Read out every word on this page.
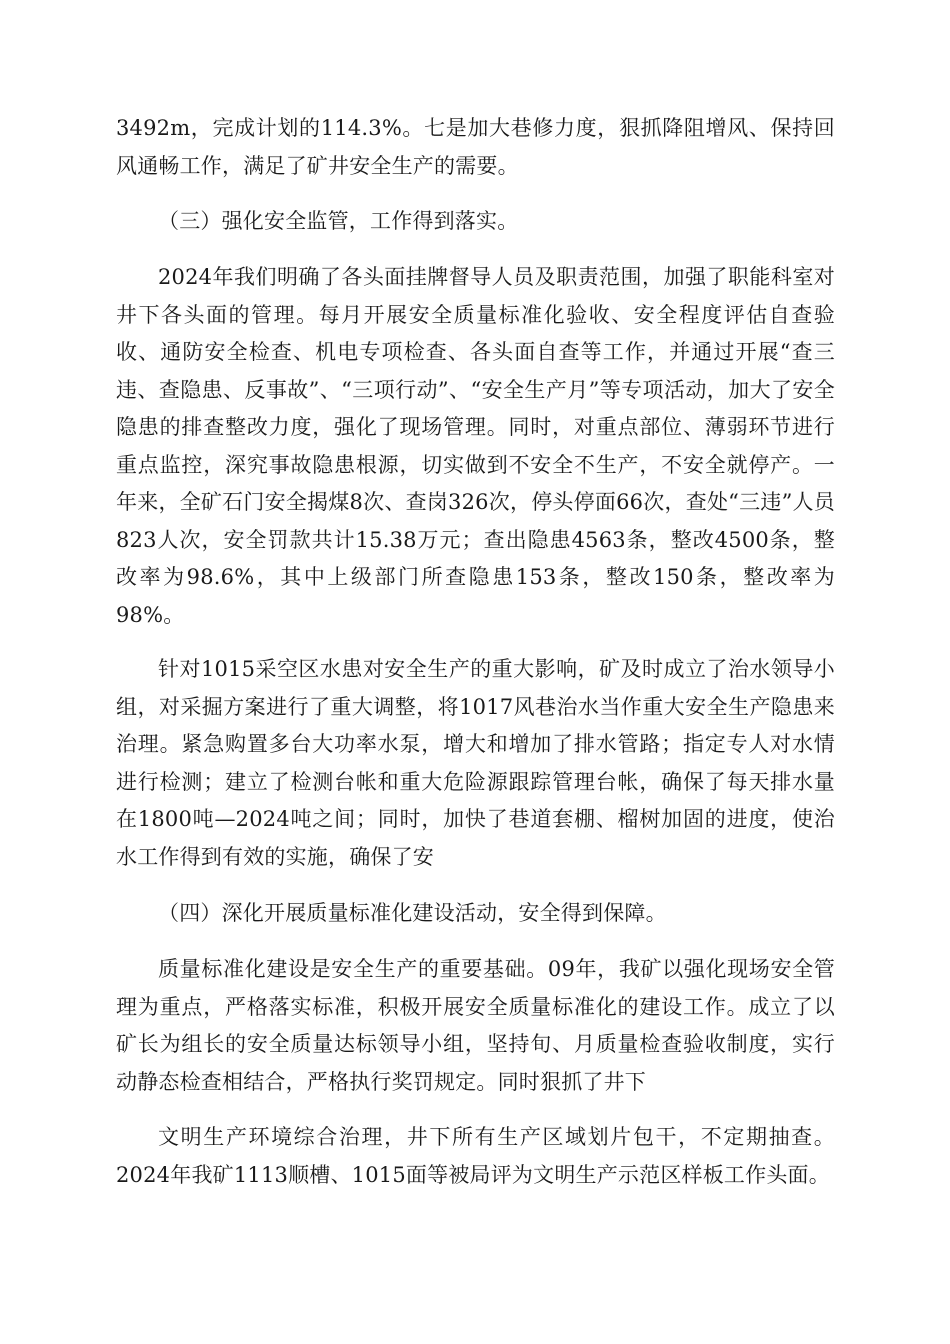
3492m，完成计划的114.3%。七是加大巷修力度，狠抓降阻增风、保持回风通畅工作，满足了矿井安全生产的需要。

（三）强化安全监管，工作得到落实。

2024年我们明确了各头面挂牌督导人员及职责范围，加强了职能科室对井下各头面的管理。每月开展安全质量标准化验收、安全程度评估自查验收、通防安全检查、机电专项检查、各头面自查等工作，并通过开展“查三违、查隐患、反事故”、“三项行动”、“安全生产月”等专项活动，加大了安全隐患的排查整改力度，强化了现场管理。同时，对重点部位、薄弱环节进行重点监控，深究事故隐患根源，切实做到不安全不生产，不安全就停产。一年来，全矿石门安全揭煤8次、查岗326次，停头停面66次，查处“三违”人员823人次，安全罚款共计15.38万元；查出隐患4563条，整改4500条，整改率为98.6%，其中上级部门所查隐患153条，整改150条，整改率为98%。

针对1015采空区水患对安全生产的重大影响，矿及时成立了治水领导小组，对采掘方案进行了重大调整，将1017风巷治水当作重大安全生产隐患来治理。紧急购置多台大功率水泵，增大和增加了排水管路；指定专人对水情进行检测；建立了检测台帐和重大危险源跟踪管理台帐，确保了每天排水量在1800吨—2024吨之间；同时，加快了巷道套棚、榴树加固的进度，使治水工作得到有效的实施，确保了安

（四）深化开展质量标准化建设活动，安全得到保障。

质量标准化建设是安全生产的重要基础。09年，我矿以强化现场安全管理为重点，严格落实标准，积极开展安全质量标准化的建设工作。成立了以矿长为组长的安全质量达标领导小组，坚持旬、月质量检查验收制度，实行动静态检查相结合，严格执行奖罚规定。同时狠抓了井下

文明生产环境综合治理，井下所有生产区域划片包干，不定期抽查。2024年我矿1113顺槽、1015面等被局评为文明生产示范区样板工作头面。
